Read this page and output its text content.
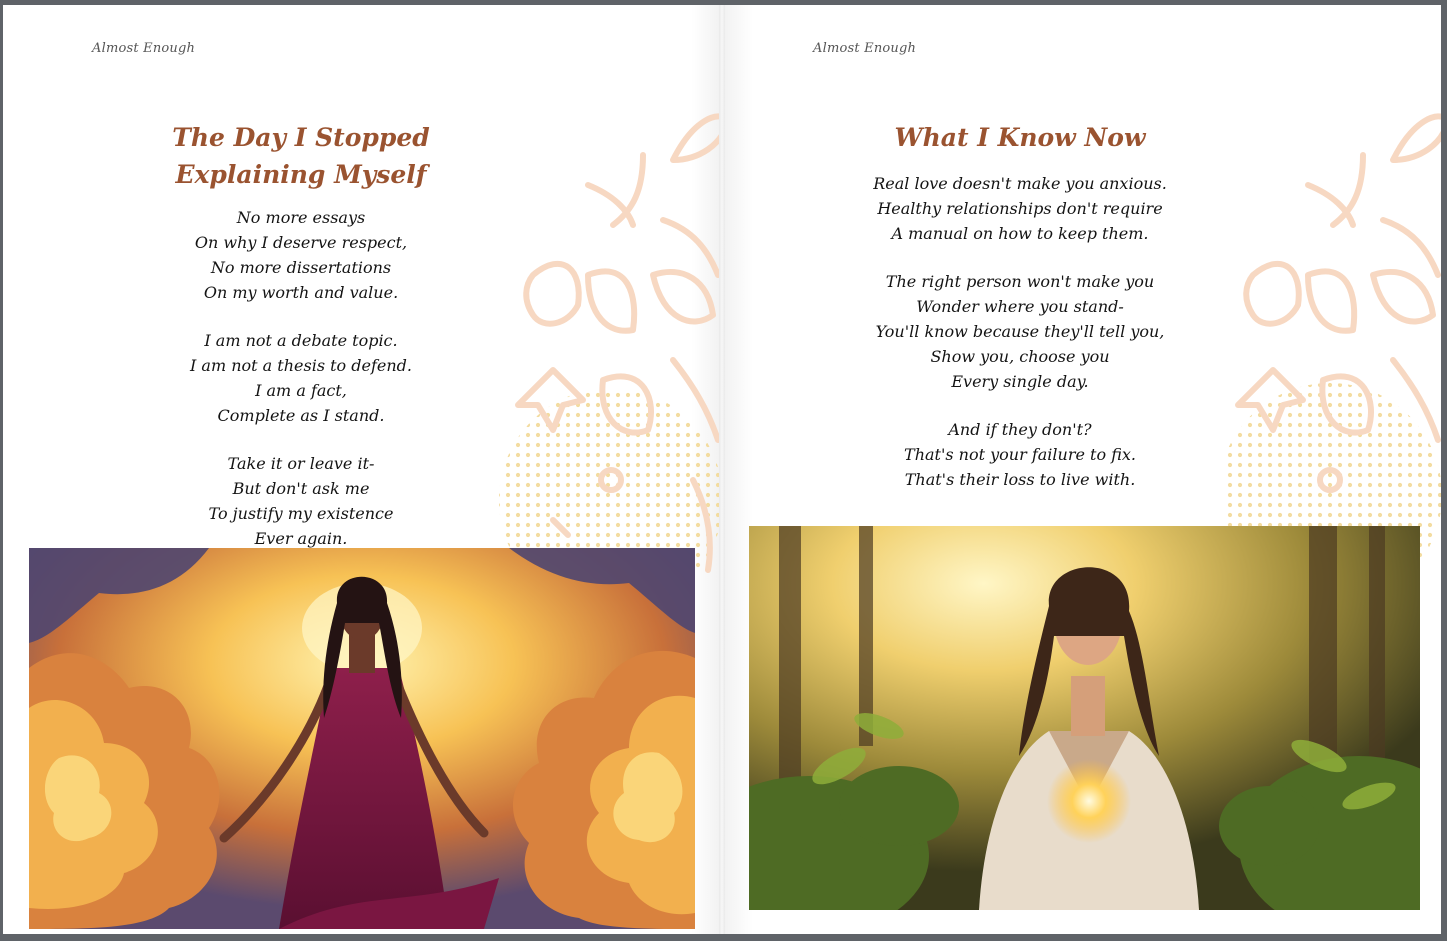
Almost Enough
The Day I Stopped Explaining Myself

No more essays
On why I deserve respect,
No more dissertations
On my worth and value.

I am not a debate topic.
I am not a thesis to defend.
I am a fact,
Complete as I stand.

Take it or leave it-
But don't ask me
To justify my existence
Ever again.

Almost Enough
What I Know Now

Real love doesn't make you anxious.
Healthy relationships don't require
A manual on how to keep them.

The right person won't make you
Wonder where you stand-
You'll know because they'll tell you,
Show you, choose you
Every single day.

And if they don't?
That's not your failure to fix.
That's their loss to live with.
